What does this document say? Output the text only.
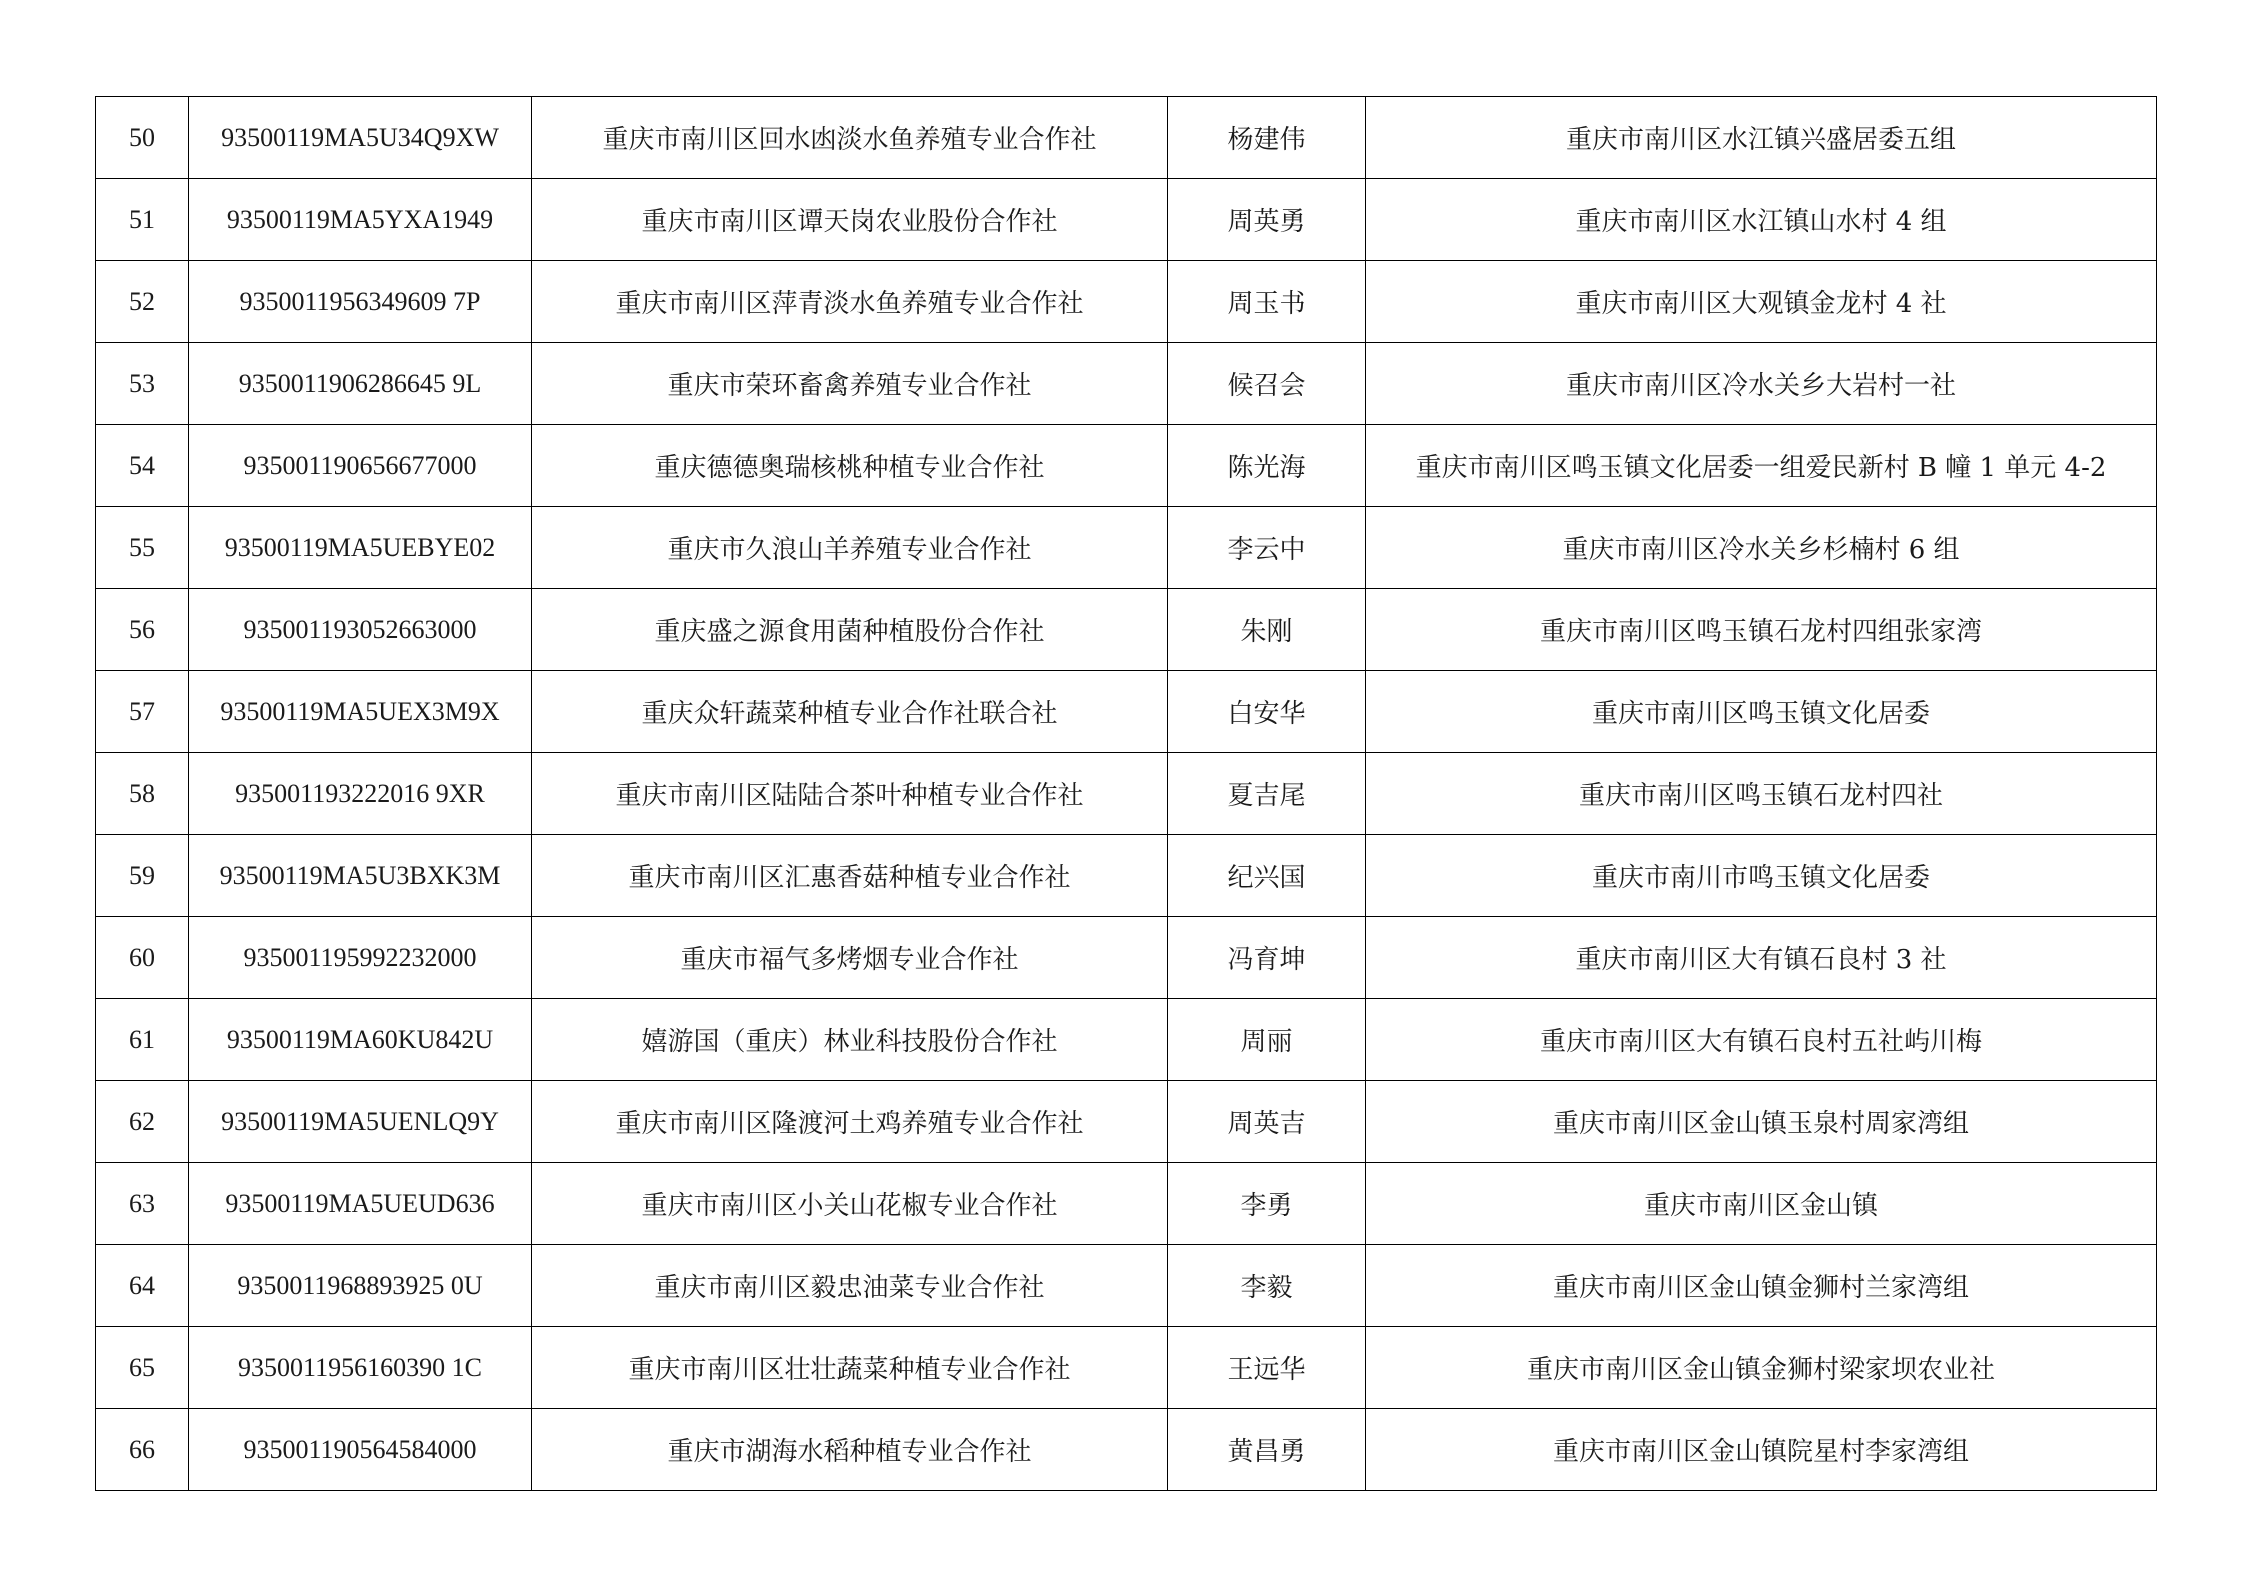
50	93500119MA5U34Q9XW	重庆市南川区回水凼淡水鱼养殖专业合作社	杨建伟	重庆市南川区水江镇兴盛居委五组
51	93500119MA5YXA1949	重庆市南川区谭天岗农业股份合作社	周英勇	重庆市南川区水江镇山水村 4 组
52	9350011956349609 7P	重庆市南川区萍青淡水鱼养殖专业合作社	周玉书	重庆市南川区大观镇金龙村 4 社
53	9350011906286645 9L	重庆市荣环畜禽养殖专业合作社	候召会	重庆市南川区冷水关乡大岩村一社
54	935001190656677000	重庆德德奥瑞核桃种植专业合作社	陈光海	重庆市南川区鸣玉镇文化居委一组爱民新村 B 幢 1 单元 4-2
55	93500119MA5UEBYE02	重庆市久浪山羊养殖专业合作社	李云中	重庆市南川区冷水关乡杉楠村 6 组
56	935001193052663000	重庆盛之源食用菌种植股份合作社	朱刚	重庆市南川区鸣玉镇石龙村四组张家湾
57	93500119MA5UEX3M9X	重庆众轩蔬菜种植专业合作社联合社	白安华	重庆市南川区鸣玉镇文化居委
58	935001193222016 9XR	重庆市南川区陆陆合茶叶种植专业合作社	夏吉尾	重庆市南川区鸣玉镇石龙村四社
59	93500119MA5U3BXK3M	重庆市南川区汇惠香菇种植专业合作社	纪兴国	重庆市南川市鸣玉镇文化居委
60	935001195992232000	重庆市福气多烤烟专业合作社	冯育坤	重庆市南川区大有镇石良村 3 社
61	93500119MA60KU842U	嬉游国（重庆）林业科技股份合作社	周丽	重庆市南川区大有镇石良村五社屿川梅
62	93500119MA5UENLQ9Y	重庆市南川区隆渡河土鸡养殖专业合作社	周英吉	重庆市南川区金山镇玉泉村周家湾组
63	93500119MA5UEUD636	重庆市南川区小关山花椒专业合作社	李勇	重庆市南川区金山镇
64	9350011968893925 0U	重庆市南川区毅忠油菜专业合作社	李毅	重庆市南川区金山镇金狮村兰家湾组
65	9350011956160390 1C	重庆市南川区壮壮蔬菜种植专业合作社	王远华	重庆市南川区金山镇金狮村梁家坝农业社
66	935001190564584000	重庆市湖海水稻种植专业合作社	黄昌勇	重庆市南川区金山镇院星村李家湾组
